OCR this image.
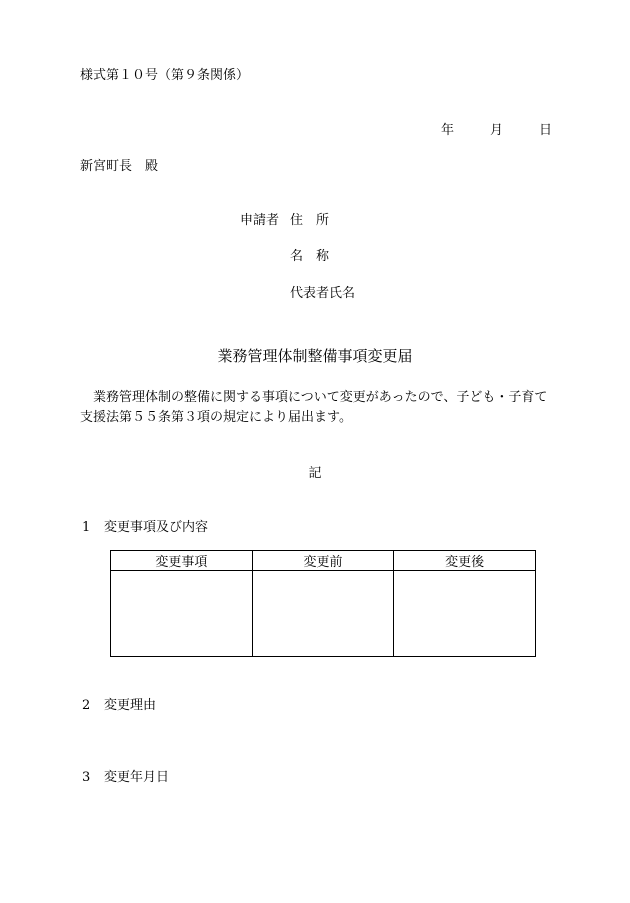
様式第１０号（第９条関係）
年	月	日
新宮町長　殿
申請者 住　所
名　称
代表者氏名
業務管理体制整備事項変更届
業務管理体制の整備に関する事項について変更があったので、子ども・子育て支援法第５５条第３項の規定により届出ます。
記
1 変更事項及び内容
変更事項	変更前	変更後

2 変更理由
3 変更年月日
